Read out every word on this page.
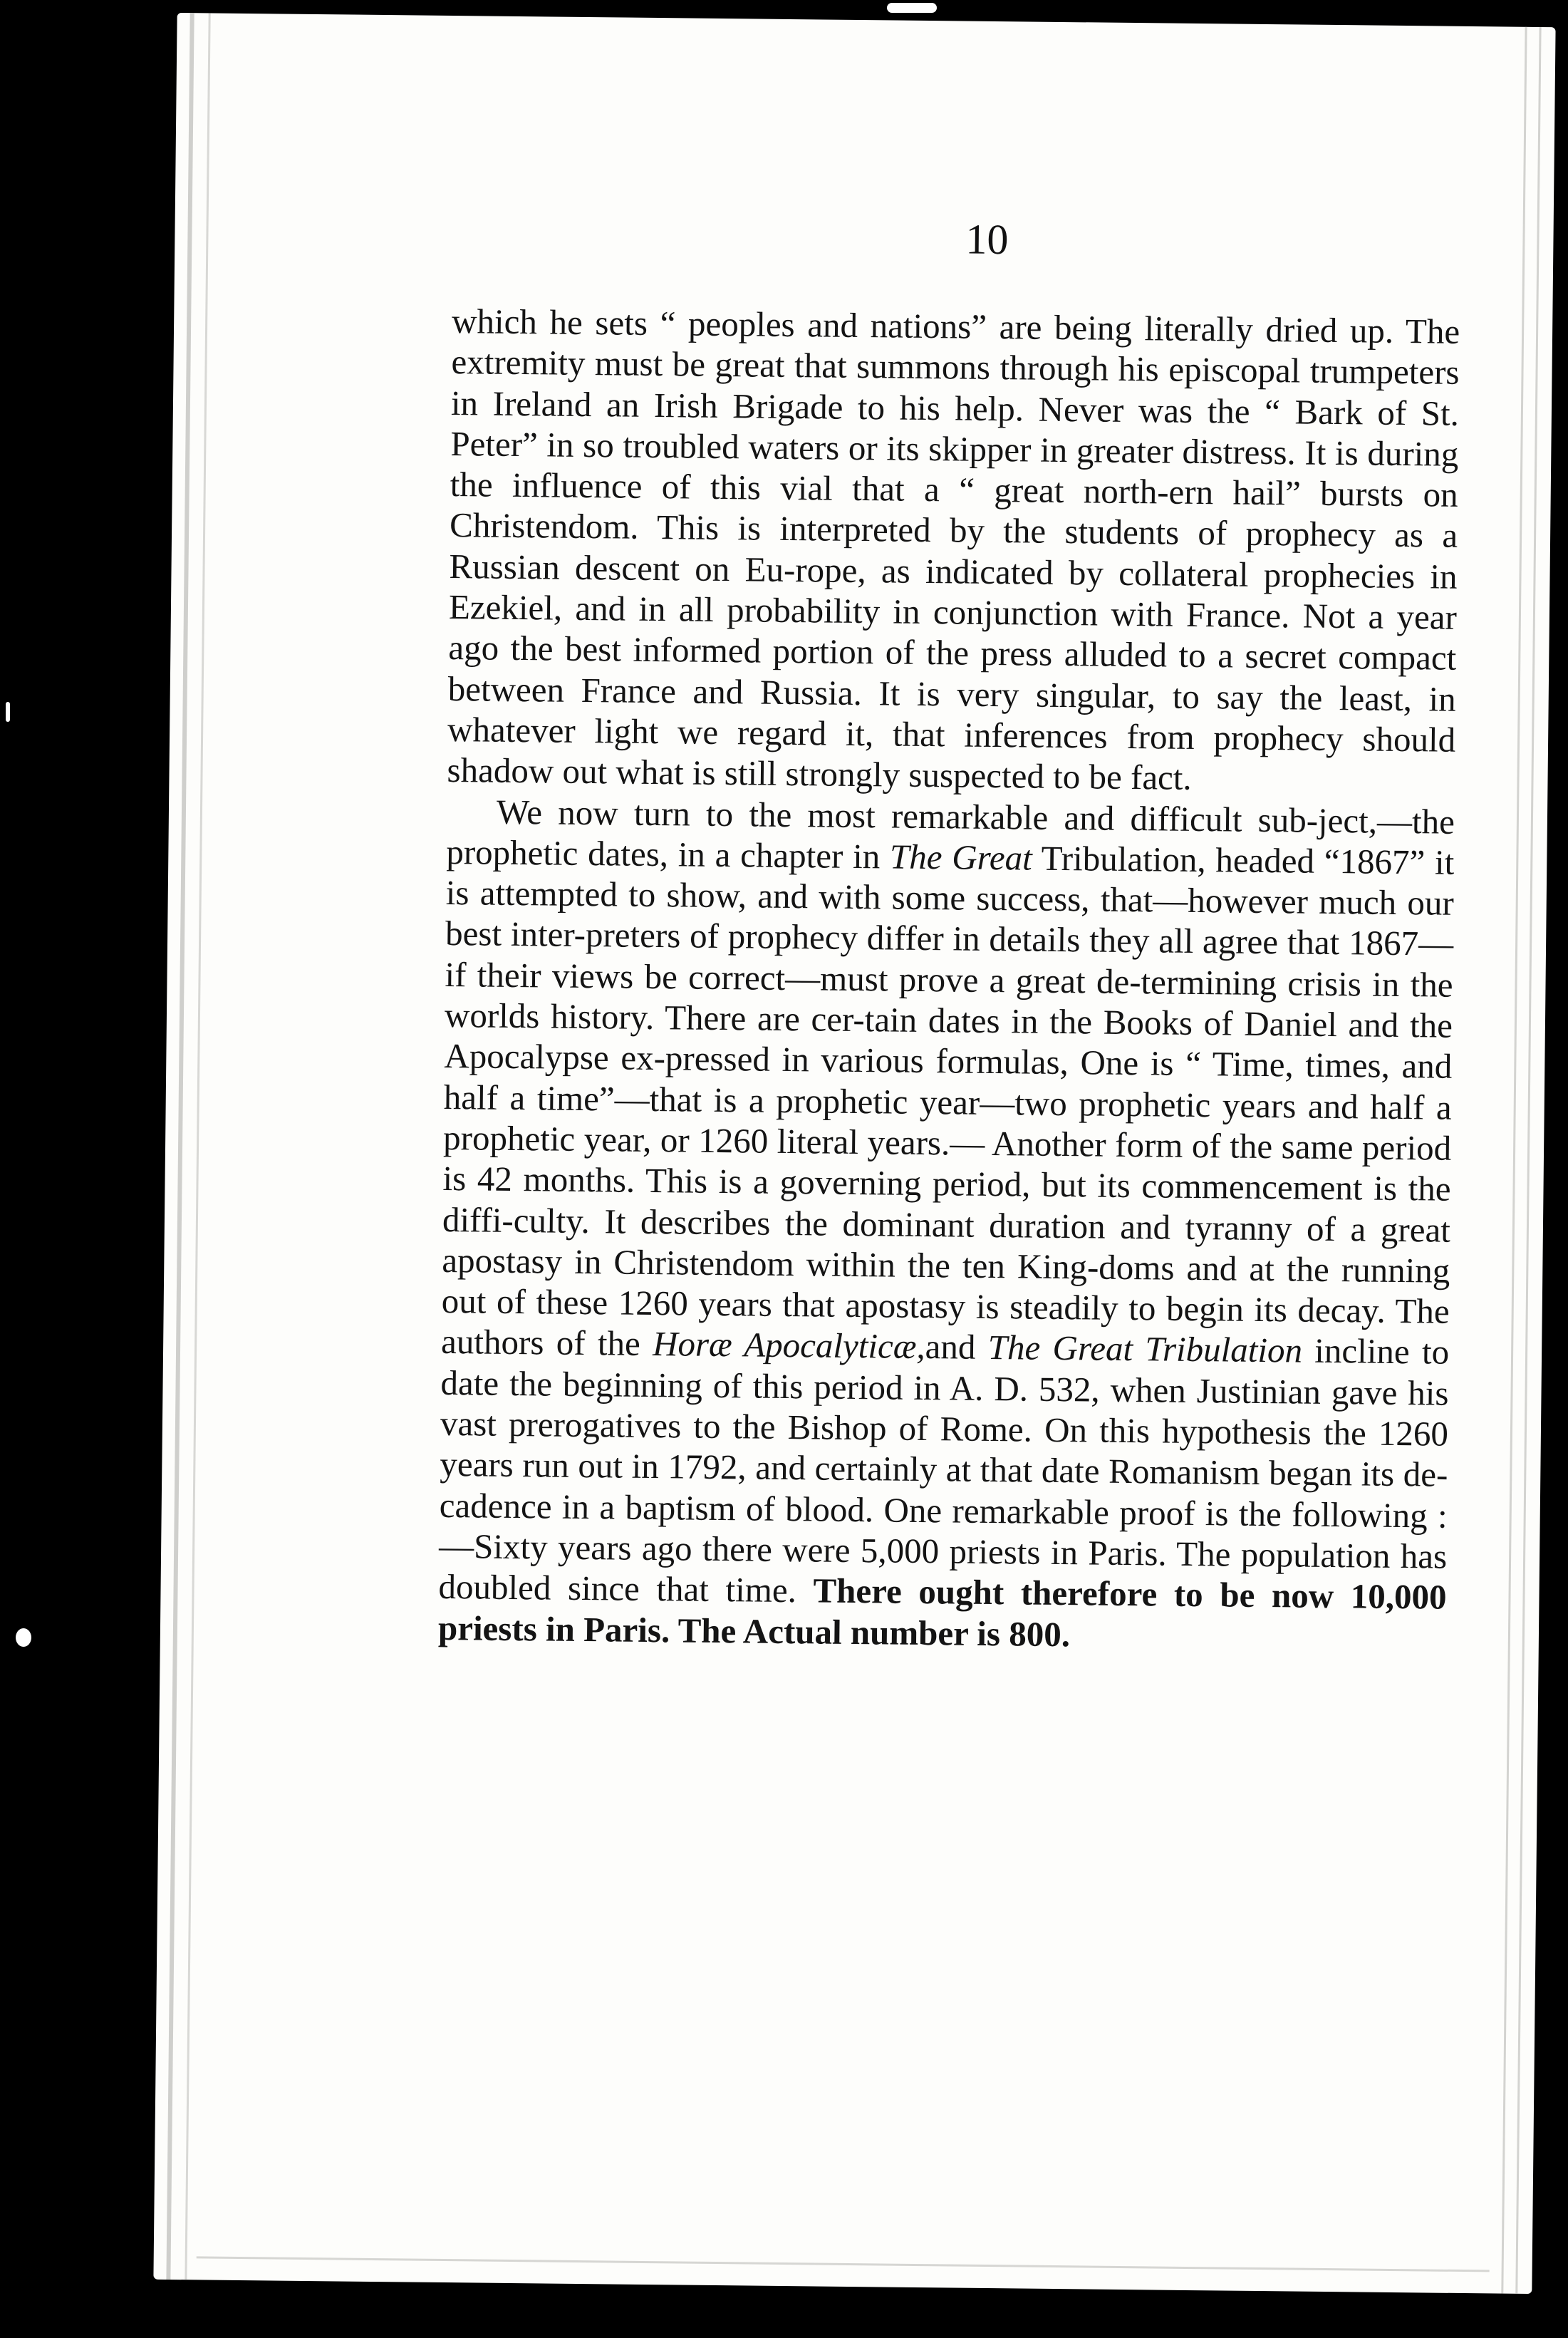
10

which he sets “ peoples and nations” are being literally dried up. The extremity must be great that summons through his episcopal trumpeters in Ireland an Irish Brigade to his help. Never was the “ Bark of St. Peter” in so troubled waters or its skipper in greater distress. It is during the influence of this vial that a “ great north-ern hail” bursts on Christendom. This is interpreted by the students of prophecy as a Russian descent on Eu-rope, as indicated by collateral prophecies in Ezekiel, and in all probability in conjunction with France. Not a year ago the best informed portion of the press alluded to a secret compact between France and Russia. It is very singular, to say the least, in whatever light we regard it, that inferences from prophecy should shadow out what is still strongly suspected to be fact.

We now turn to the most remarkable and difficult sub-ject,—the prophetic dates, in a chapter in The Great Tribulation, headed “1867” it is attempted to show, and with some success, that—however much our best inter-preters of prophecy differ in details they all agree that 1867—if their views be correct—must prove a great de-termining crisis in the worlds history. There are cer-tain dates in the Books of Daniel and the Apocalypse ex-pressed in various formulas, One is “ Time, times, and half a time”—that is a prophetic year—two prophetic years and half a prophetic year, or 1260 literal years.— Another form of the same period is 42 months. This is a governing period, but its commencement is the diffi-culty. It describes the dominant duration and tyranny of a great apostasy in Christendom within the ten King-doms and at the running out of these 1260 years that apostasy is steadily to begin its decay. The authors of the Horæ Apocalyticæ,and The Great Tribulation incline to date the beginning of this period in A. D. 532, when Justinian gave his vast prerogatives to the Bishop of Rome. On this hypothesis the 1260 years run out in 1792, and certainly at that date Romanism began its de-cadence in a baptism of blood. One remarkable proof is the following :—Sixty years ago there were 5,000 priests in Paris. The population has doubled since that time. There ought therefore to be now 10,000 priests in Paris. The Actual number is 800.
